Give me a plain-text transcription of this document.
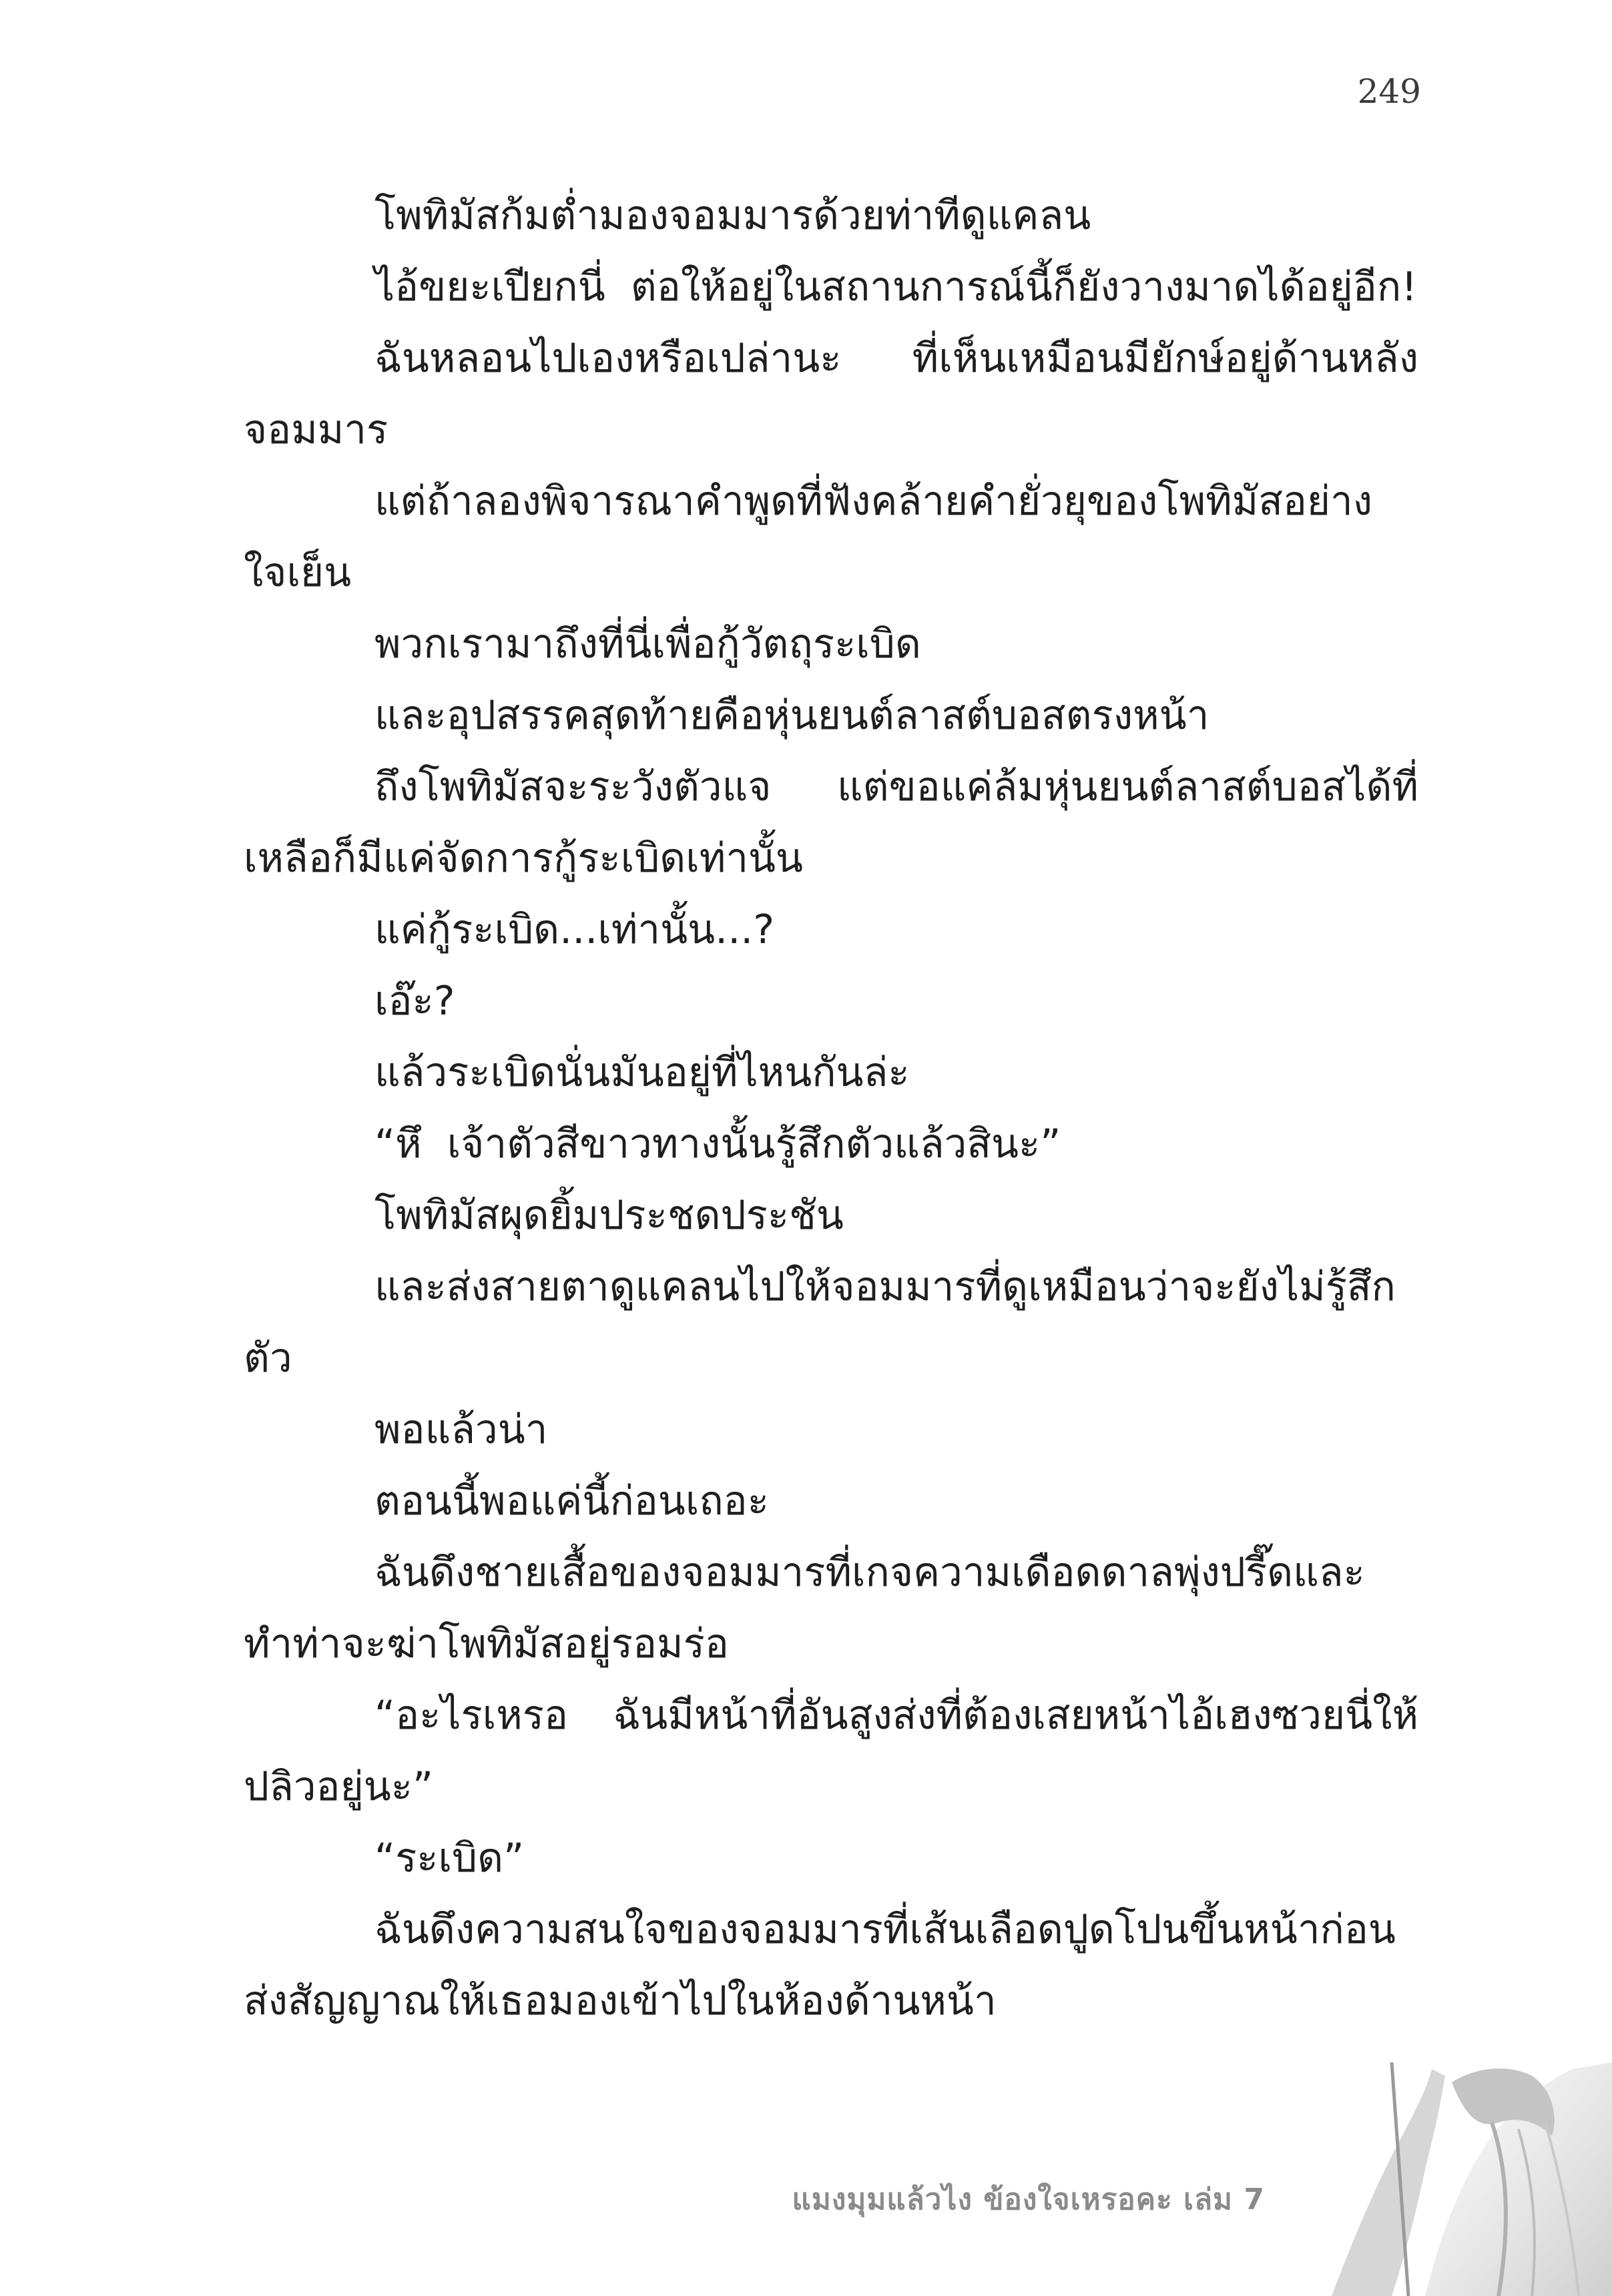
249

โพทิมัสก้มต่ำมองจอมมารด้วยท่าทีดูแคลน

ไอ้ขยะเปียกนี่  ต่อให้อยู่ในสถานการณ์นี้ก็ยังวางมาดได้อยู่อีก!

ฉันหลอนไปเองหรือเปล่านะ  ที่เห็นเหมือนมียักษ์อยู่ด้านหลังจอมมาร

แต่ถ้าลองพิจารณาคำพูดที่ฟังคล้ายคำยั่วยุของโพทิมัสอย่างใจเย็น

พวกเรามาถึงที่นี่เพื่อกู้วัตถุระเบิด

และอุปสรรคสุดท้ายคือหุ่นยนต์ลาสต์บอสตรงหน้า

ถึงโพทิมัสจะระวังตัวแจ  แต่ขอแค่ล้มหุ่นยนต์ลาสต์บอสได้ที่เหลือก็มีแค่จัดการกู้ระเบิดเท่านั้น

แค่กู้ระเบิด...เท่านั้น...?

เอ๊ะ?

แล้วระเบิดนั่นมันอยู่ที่ไหนกันล่ะ

“หึ  เจ้าตัวสีขาวทางนั้นรู้สึกตัวแล้วสินะ”

โพทิมัสผุดยิ้มประชดประชัน

และส่งสายตาดูแคลนไปให้จอมมารที่ดูเหมือนว่าจะยังไม่รู้สึกตัว

พอแล้วน่า

ตอนนี้พอแค่นี้ก่อนเถอะ

ฉันดึงชายเสื้อของจอมมารที่เกจความเดือดดาลพุ่งปรี๊ดและทำท่าจะฆ่าโพทิมัสอยู่รอมร่อ

“อะไรเหรอ  ฉันมีหน้าที่อันสูงส่งที่ต้องเสยหน้าไอ้เฮงซวยนี่ให้ปลิวอยู่นะ”

“ระเบิด”

ฉันดึงความสนใจของจอมมารที่เส้นเลือดปูดโปนขึ้นหน้าก่อนส่งสัญญาณให้เธอมองเข้าไปในห้องด้านหน้า

แมงมุมแล้วไง ข้องใจเหรอคะ เล่ม 7
